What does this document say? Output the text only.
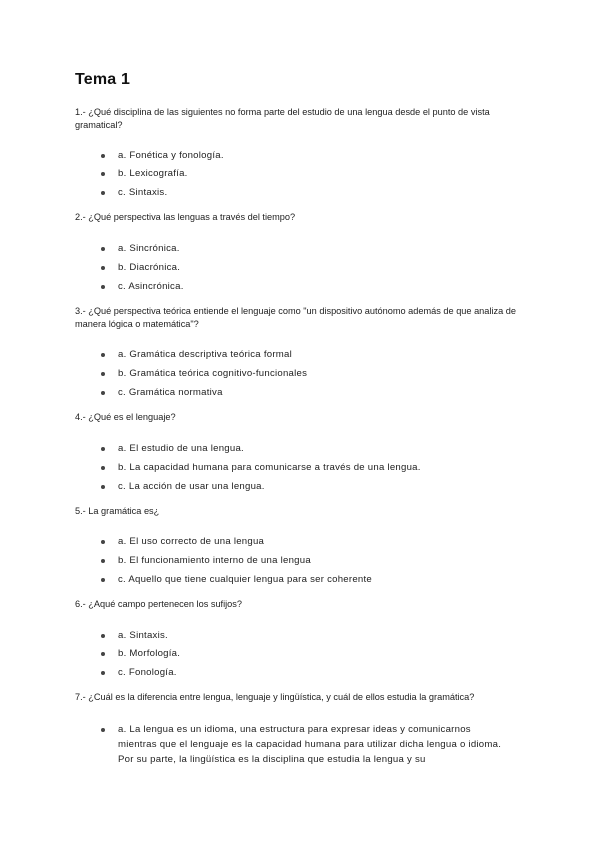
Tema 1
1.- ¿Qué disciplina de las siguientes no forma parte del estudio de una lengua desde el punto de vista gramatical?
a. Fonética y fonología.
b. Lexicografía.
c. Sintaxis.
2.- ¿Qué perspectiva las lenguas a través del tiempo?
a. Sincrónica.
b. Diacrónica.
c. Asincrónica.
3.- ¿Qué perspectiva teórica entiende el lenguaje como "un dispositivo autónomo además de que analiza de manera lógica o matemática"?
a. Gramática descriptiva teórica formal
b. Gramática teórica cognitivo-funcionales
c. Gramática normativa
4.- ¿Qué es el lenguaje?
a. El estudio de una lengua.
b. La capacidad humana para comunicarse a través de una lengua.
c. La acción de usar una lengua.
5.- La gramática es¿
a. El uso correcto de una lengua
b. El funcionamiento interno de una lengua
c. Aquello que tiene cualquier lengua para ser coherente
6.- ¿Aqué campo pertenecen los sufijos?
a. Sintaxis.
b. Morfología.
c. Fonología.
7.- ¿Cuál es la diferencia entre lengua, lenguaje y lingüística, y cuál de ellos estudia la gramática?
a. La lengua es un idioma, una estructura para expresar ideas y comunicarnos mientras que el lenguaje es la capacidad humana para utilizar dicha lengua o idioma. Por su parte, la lingüística es la disciplina que estudia la lengua y su
